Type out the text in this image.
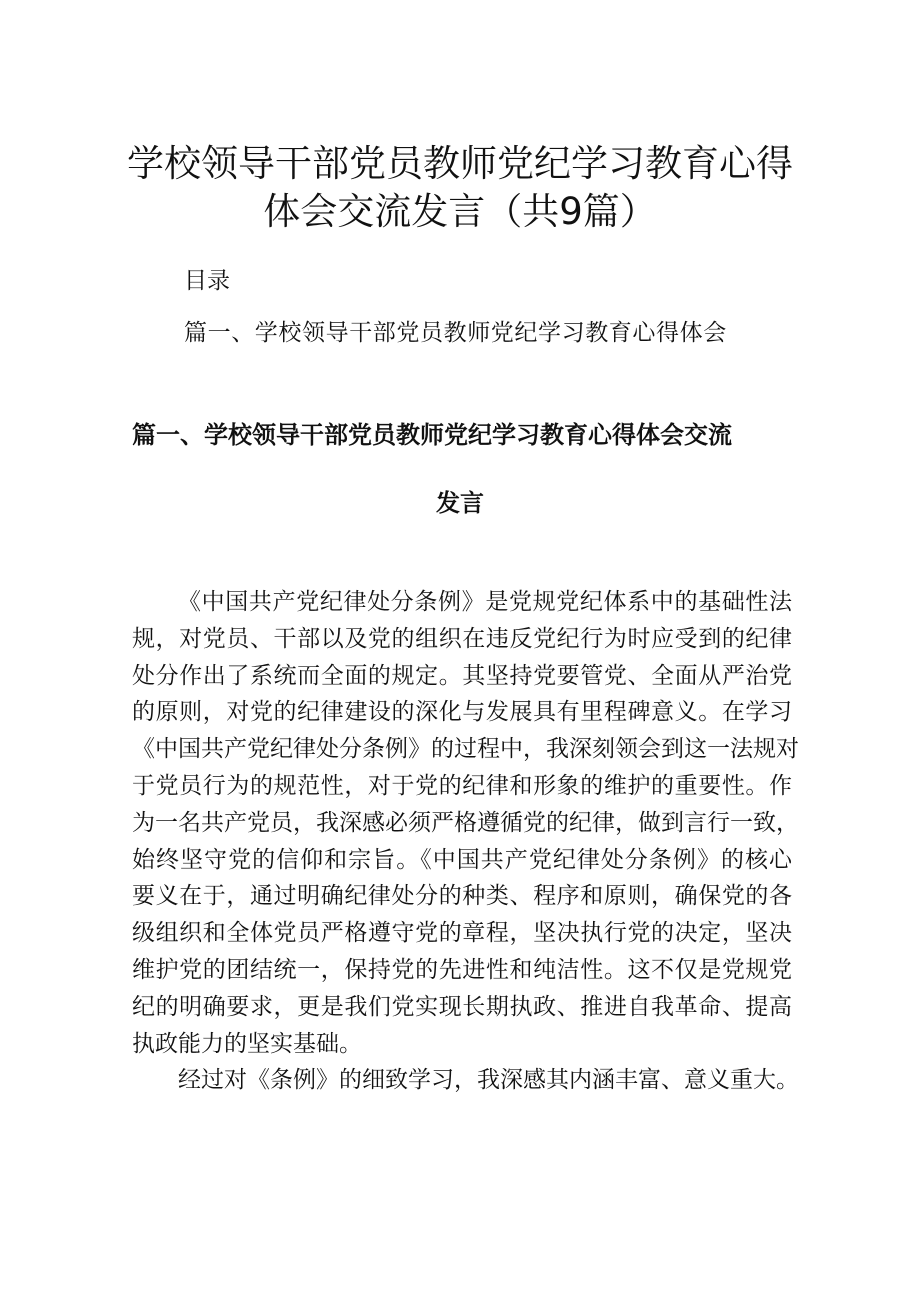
学校领导干部党员教师党纪学习教育心得
体会交流发言（共9篇）

目录

篇一、学校领导干部党员教师党纪学习教育心得体会

篇一、学校领导干部党员教师党纪学习教育心得体会交流
发言

《中国共产党纪律处分条例》是党规党纪体系中的基础性法
规，对党员、干部以及党的组织在违反党纪行为时应受到的纪律
处分作出了系统而全面的规定。其坚持党要管党、全面从严治党
的原则，对党的纪律建设的深化与发展具有里程碑意义。在学习
《中国共产党纪律处分条例》的过程中，我深刻领会到这一法规对
于党员行为的规范性，对于党的纪律和形象的维护的重要性。作
为一名共产党员，我深感必须严格遵循党的纪律，做到言行一致，
始终坚守党的信仰和宗旨。《中国共产党纪律处分条例》的核心
要义在于，通过明确纪律处分的种类、程序和原则，确保党的各
级组织和全体党员严格遵守党的章程，坚决执行党的决定，坚决
维护党的团结统一，保持党的先进性和纯洁性。这不仅是党规党
纪的明确要求，更是我们党实现长期执政、推进自我革命、提高
执政能力的坚实基础。

经过对《条例》的细致学习，我深感其内涵丰富、意义重大。
